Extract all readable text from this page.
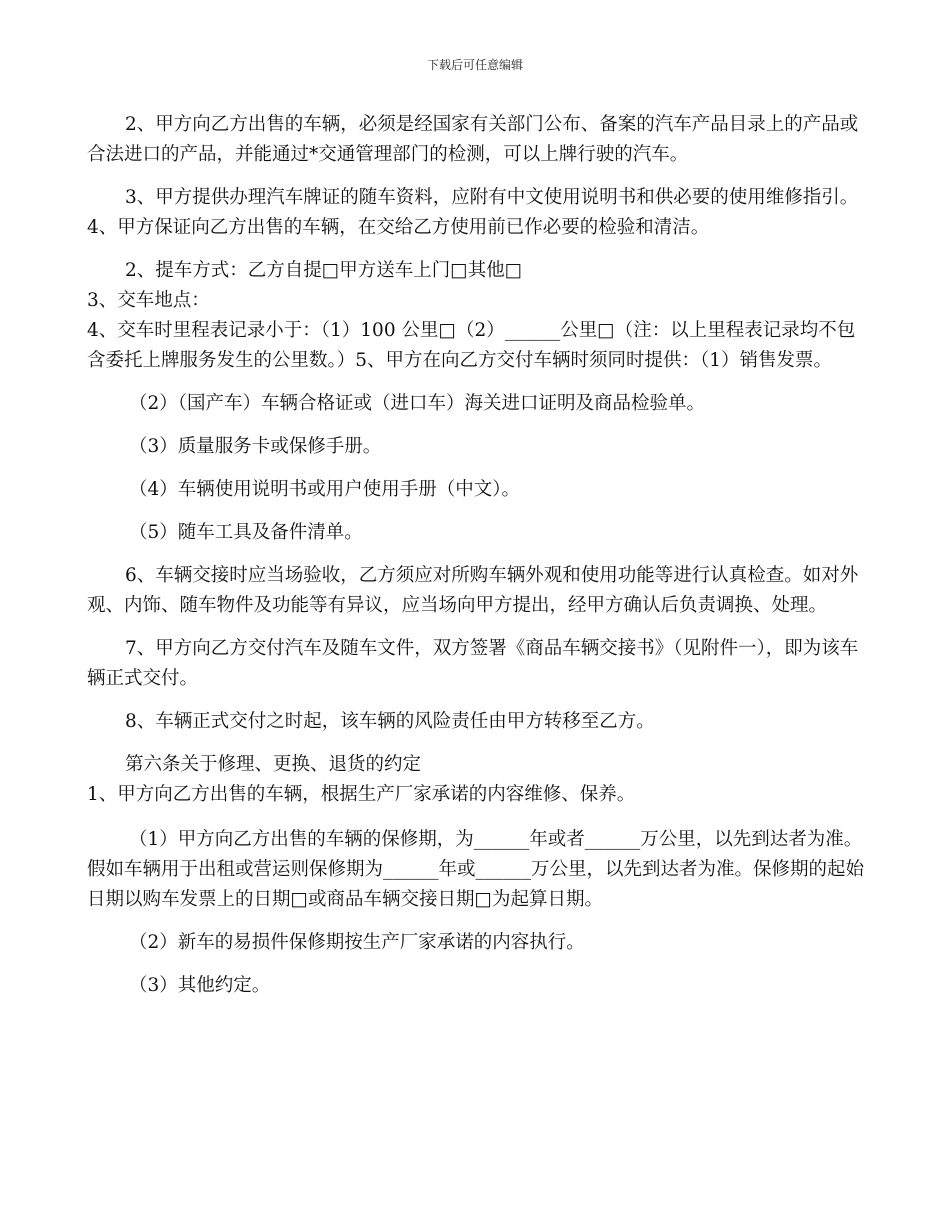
下载后可任意编辑

2、甲方向乙方出售的车辆，必须是经国家有关部门公布、备案的汽车产品目录上的产品或合法进口的产品，并能通过*交通管理部门的检测，可以上牌行驶的汽车。

3、甲方提供办理汽车牌证的随车资料，应附有中文使用说明书和供必要的使用维修指引。4、甲方保证向乙方出售的车辆，在交给乙方使用前已作必要的检验和清洁。

2、提车方式：乙方自提□甲方送车上门□其他□

3、交车地点：

4、交车时里程表记录小于：（1）100 公里□（2）______公里□（注：以上里程表记录均不包含委托上牌服务发生的公里数。）5、甲方在向乙方交付车辆时须同时提供：（1）销售发票。

（2）（国产车）车辆合格证或（进口车）海关进口证明及商品检验单。

（3）质量服务卡或保修手册。

（4）车辆使用说明书或用户使用手册（中文）。

（5）随车工具及备件清单。

6、车辆交接时应当场验收，乙方须应对所购车辆外观和使用功能等进行认真检查。如对外观、内饰、随车物件及功能等有异议，应当场向甲方提出，经甲方确认后负责调换、处理。

7、甲方向乙方交付汽车及随车文件，双方签署《商品车辆交接书》（见附件一），即为该车辆正式交付。

8、车辆正式交付之时起，该车辆的风险责任由甲方转移至乙方。

第六条关于修理、更换、退货的约定

1、甲方向乙方出售的车辆，根据生产厂家承诺的内容维修、保养。

（1）甲方向乙方出售的车辆的保修期，为______年或者______万公里，以先到达者为准。假如车辆用于出租或营运则保修期为______年或______万公里，以先到达者为准。保修期的起始日期以购车发票上的日期□或商品车辆交接日期□为起算日期。

（2）新车的易损件保修期按生产厂家承诺的内容执行。

（3）其他约定。
